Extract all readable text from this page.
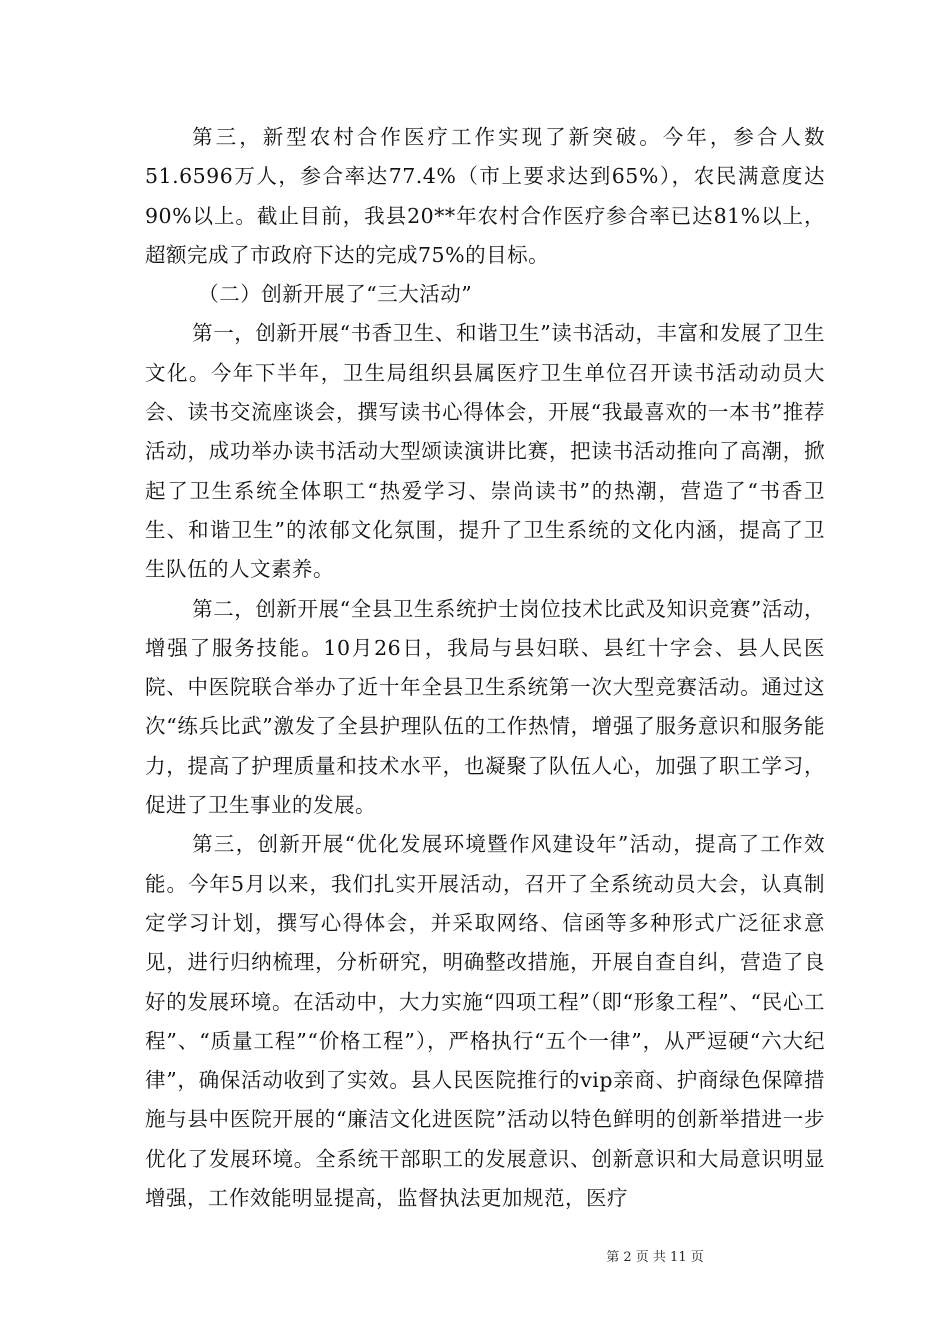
第三，新型农村合作医疗工作实现了新突破。今年，参合人数51.6596万人，参合率达77.4%（市上要求达到65%），农民满意度达90%以上。截止目前，我县20**年农村合作医疗参合率已达81%以上，超额完成了市政府下达的完成75%的目标。

（二）创新开展了“三大活动”

第一，创新开展“书香卫生、和谐卫生”读书活动，丰富和发展了卫生文化。今年下半年，卫生局组织县属医疗卫生单位召开读书活动动员大会、读书交流座谈会，撰写读书心得体会，开展“我最喜欢的一本书”推荐活动，成功举办读书活动大型颂读演讲比赛，把读书活动推向了高潮，掀起了卫生系统全体职工“热爱学习、崇尚读书”的热潮，营造了“书香卫生、和谐卫生”的浓郁文化氛围，提升了卫生系统的文化内涵，提高了卫生队伍的人文素养。

第二，创新开展“全县卫生系统护士岗位技术比武及知识竞赛”活动，增强了服务技能。10月26日，我局与县妇联、县红十字会、县人民医院、中医院联合举办了近十年全县卫生系统第一次大型竞赛活动。通过这次“练兵比武”激发了全县护理队伍的工作热情，增强了服务意识和服务能力，提高了护理质量和技术水平，也凝聚了队伍人心，加强了职工学习，促进了卫生事业的发展。

第三，创新开展“优化发展环境暨作风建设年”活动，提高了工作效能。今年5月以来，我们扎实开展活动，召开了全系统动员大会，认真制定学习计划，撰写心得体会，并采取网络、信函等多种形式广泛征求意见，进行归纳梳理，分析研究，明确整改措施，开展自查自纠，营造了良好的发展环境。在活动中，大力实施“四项工程”（即“形象工程”、“民心工程”、“质量工程”“价格工程”），严格执行“五个一律”，从严逗硬“六大纪律”，确保活动收到了实效。县人民医院推行的vip亲商、护商绿色保障措施与县中医院开展的“廉洁文化进医院”活动以特色鲜明的创新举措进一步优化了发展环境。全系统干部职工的发展意识、创新意识和大局意识明显增强，工作效能明显提高，监督执法更加规范，医疗

第 2 页 共 11 页
